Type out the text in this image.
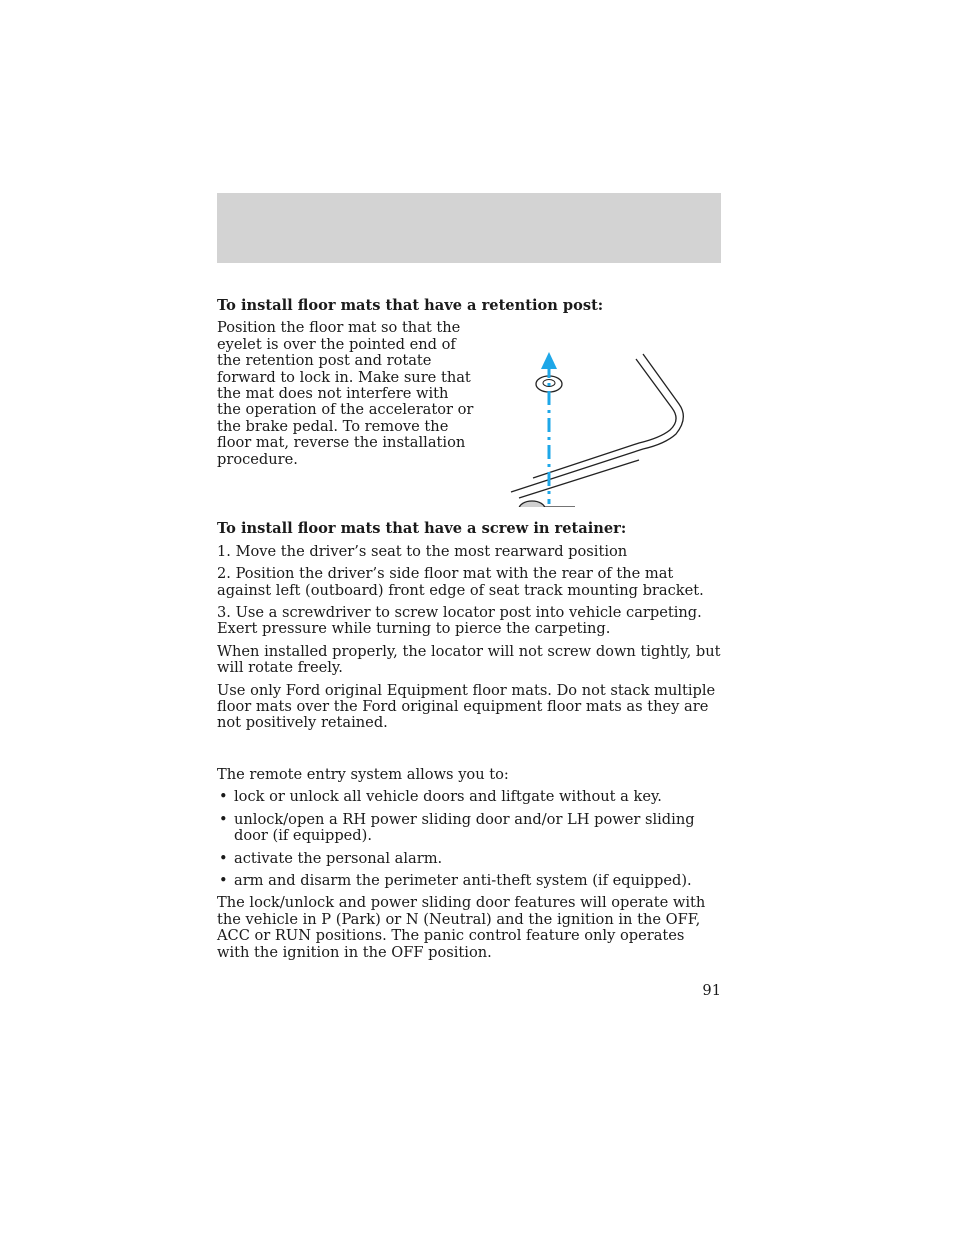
To install floor mats that have a retention post:

Position the floor mat so that the eyelet is over the pointed end of the retention post and rotate forward to lock in. Make sure that the mat does not interfere with the operation of the accelerator or the brake pedal. To remove the floor mat, reverse the installation procedure.

To install floor mats that have a screw in retainer:

1. Move the driver’s seat to the most rearward position

2. Position the driver’s side floor mat with the rear of the mat against left (outboard) front edge of seat track mounting bracket.

3. Use a screwdriver to screw locator post into vehicle carpeting. Exert pressure while turning to pierce the carpeting.

When installed properly, the locator will not screw down tightly, but will rotate freely.

Use only Ford original Equipment floor mats. Do not stack multiple floor mats over the Ford original equipment floor mats as they are not positively retained.

The remote entry system allows you to:

• lock or unlock all vehicle doors and liftgate without a key.
• unlock/open a RH power sliding door and/or LH power sliding door (if equipped).
• activate the personal alarm.
• arm and disarm the perimeter anti-theft system (if equipped).

The lock/unlock and power sliding door features will operate with the vehicle in P (Park) or N (Neutral) and the ignition in the OFF, ACC or RUN positions. The panic control feature only operates with the ignition in the OFF position.

91
